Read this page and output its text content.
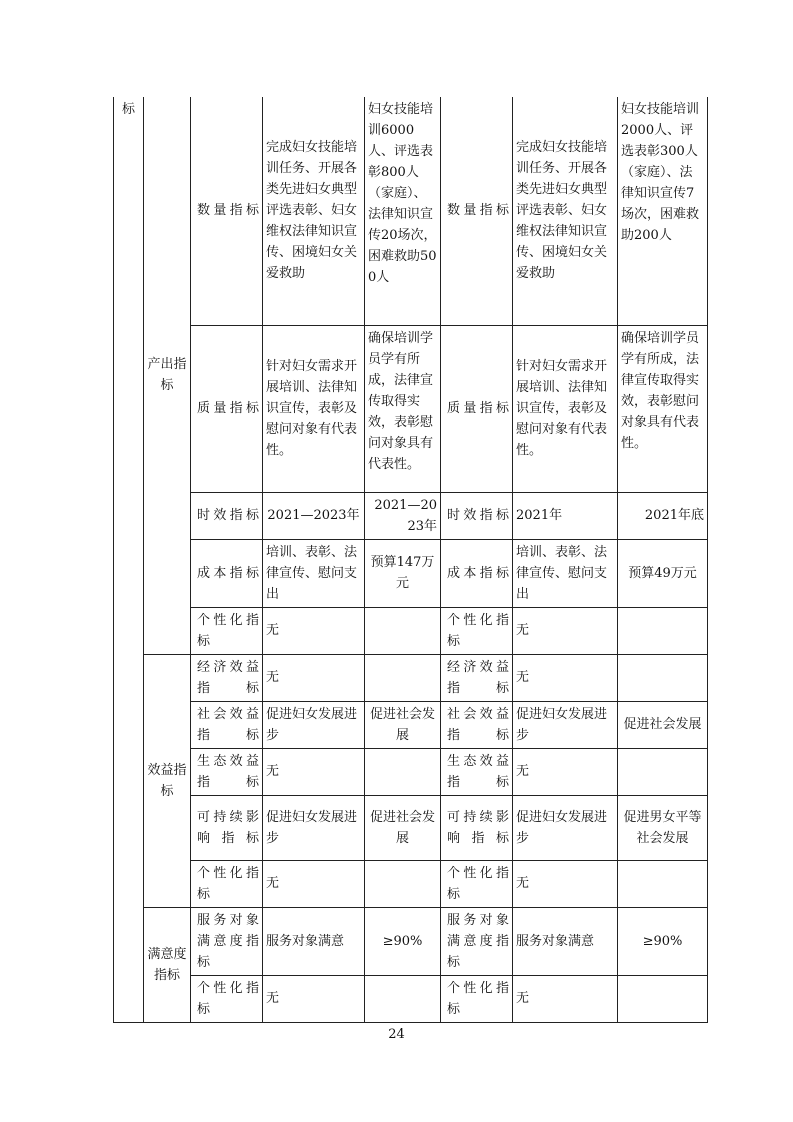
标	产出指标	数量指标	完成妇女技能培训任务、开展各类先进妇女典型评选表彰、妇女维权法律知识宣传、困境妇女关爱救助	妇女技能培训6000人、评选表彰800人（家庭）、法律知识宣传20场次，困难救助500人	数量指标	完成妇女技能培训任务、开展各类先进妇女典型评选表彰、妇女维权法律知识宣传、困境妇女关爱救助	妇女技能培训2000人、评选表彰300人（家庭）、法律知识宣传7场次，困难救助200人
		质量指标	针对妇女需求开展培训、法律知识宣传，表彰及慰问对象有代表性。	确保培训学员学有所成，法律宣传取得实效，表彰慰问对象具有代表性。	质量指标	针对妇女需求开展培训、法律知识宣传，表彰及慰问对象有代表性。	确保培训学员学有所成，法律宣传取得实效，表彰慰问对象具有代表性。
		时效指标	2021—2023年	2021—2023年	时效指标	2021年	2021年底
		成本指标	培训、表彰、法律宣传、慰问支出	预算147万元	成本指标	培训、表彰、法律宣传、慰问支出	预算49万元
		个性化指标	无		个性化指标	无	
	效益指标	经济效益指标	无		经济效益指标	无	
		社会效益指标	促进妇女发展进步	促进社会发展	社会效益指标	促进妇女发展进步	促进社会发展
		生态效益指标	无		生态效益指标	无	
		可持续影响指标	促进妇女发展进步	促进社会发展	可持续影响指标	促进妇女发展进步	促进男女平等社会发展
		个性化指标	无		个性化指标	无	
	满意度指标	服务对象满意度指标	服务对象满意	≥90%	服务对象满意度指标	服务对象满意	≥90%
		个性化指标	无		个性化指标	无	
24
